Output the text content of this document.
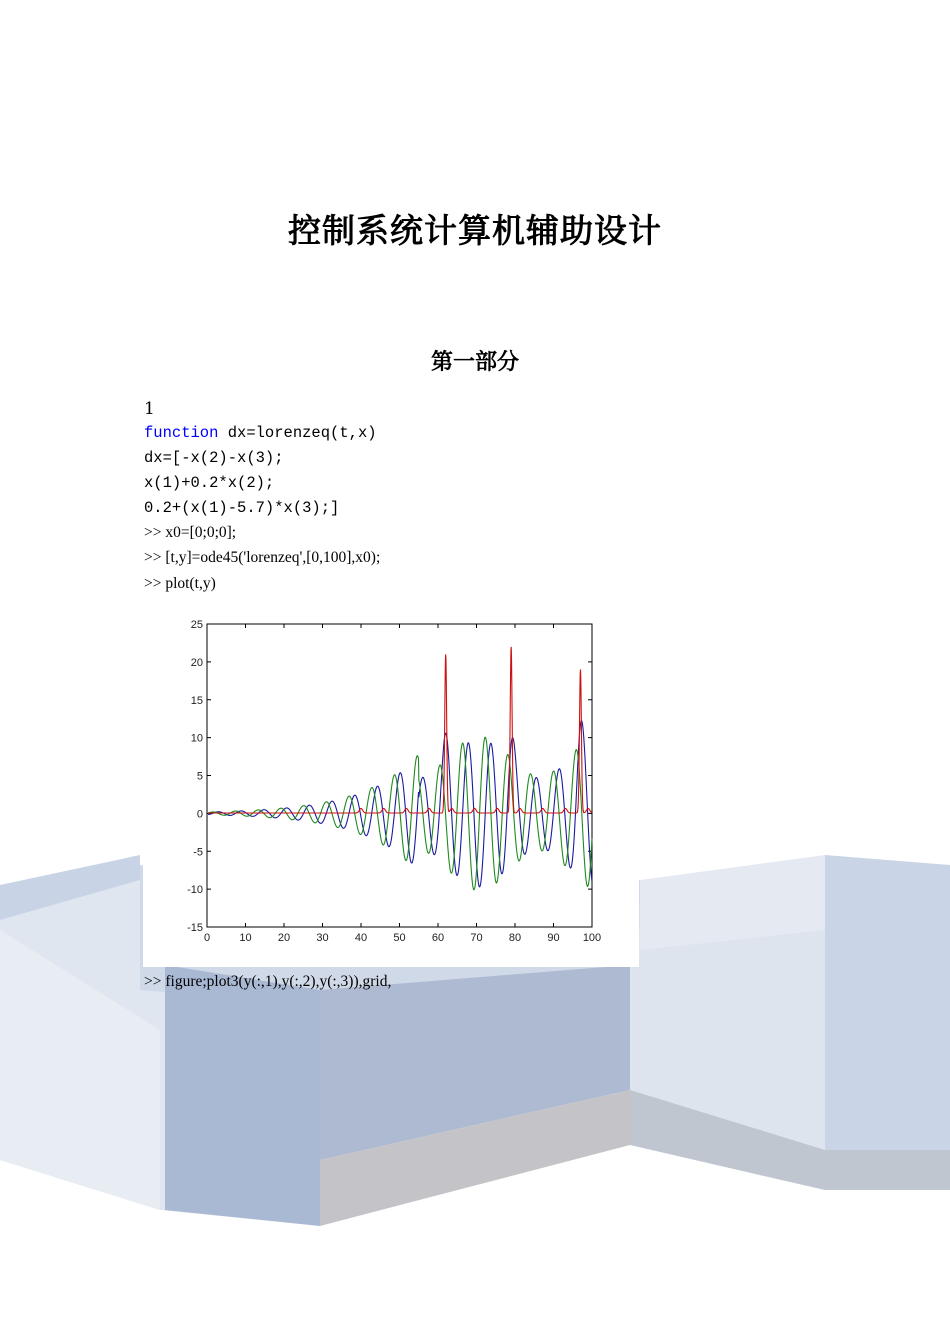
控制系统计算机辅助设计
第一部分
1
function dx=lorenzeq(t,x)
dx=[-x(2)-x(3);
x(1)+0.2*x(2);
0.2+(x(1)-5.7)*x(3);]
>> x0=[0;0;0];
>> [t,y]=ode45('lorenzeq',[0,100],x0);
>> plot(t,y)
0	10 20 30 40 50 60 70 80 90 100
25
20
15
10
5
0
-5
-10
-15
>> figure;plot3(y(:,1),y(:,2),y(:,3)),grid,
